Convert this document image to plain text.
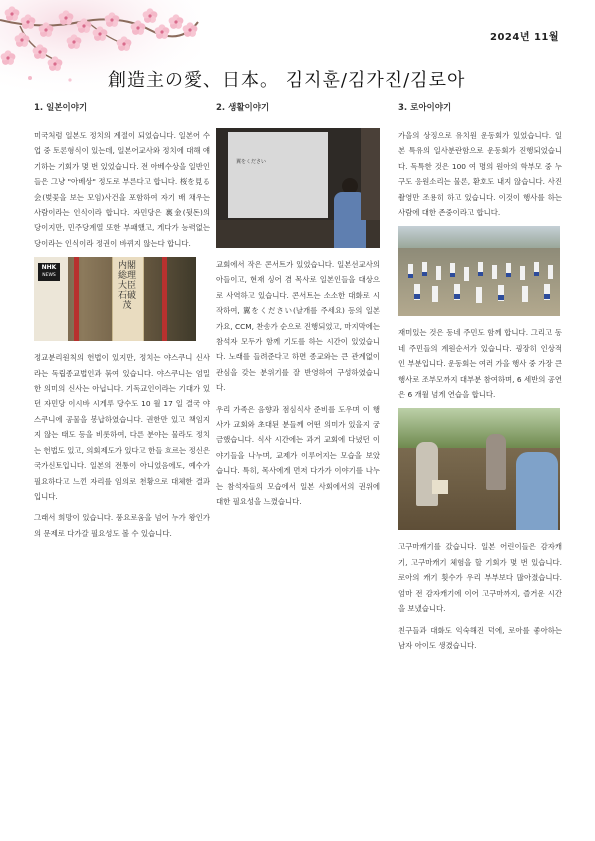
2024년 11월
創造主の愛、日本。 김지훈/김가진/김로아
1. 일본이야기

미국처럼 일본도 정치의 계절이 되었습니다. 일본어 수업 중 토론형식이 있는데, 일본어교사와 정치에 대해 얘기하는 기회가 몇 번 있었습니다. 전 아베수상을 일반인들은 그냥 "아베상" 정도로 부른다고 합니다. 桜を見る会(벚꽃을 보는 모임)사건을 포함하여 자기 배 채우는 사람이라는 인식이라 합니다. 자민당은 裏金(뒷돈)의 당이지만, 민주당계열 또한 부패했고, 게다가 능력없는 당이라는 인식이라 정권이 바뀌지 않는다 합니다.

NHK
NEWS
内閣総理大臣 石破 茂

정교분리원칙의 헌법이 있지만, 정치는 야스쿠니 신사라는 독립종교법인과 묶여 있습니다. 야스쿠니는 엄밀한 의미의 신사는 아닙니다. 기독교인이라는 기대가 있던 자민당 이시바 시게루 당수도 10 월 17 일 결국 야스쿠니에 공물을 봉납하였습니다. 권한만 있고 책임지지 않는 태도 등을 비롯하여, 다른 분야는 물라도 정치는 헌법도 있고, 의회제도가 있다고 한들 흐르는 정신은 국가신토입니다. 일본의 전통이 아니었음에도, 예수가 필요하다고 느낀 자리를 임의로 천황으로 대체한 결과입니다.

그래서 희망이 있습니다. 풍요로움을 넘어 누가 왕인가의 문제로 다가갈 필요성도 볼 수 있습니다.

2. 생활이야기
翼をください

교회에서 작은 콘서트가 있었습니다. 일본선교사의 아들이고, 현재 싱어 겸 목사로 일본인들을 대상으로 사역하고 있습니다. 콘서트는 소소한 대화로 시작하여, 翼をください(날개를 주세요) 등의 일본 가요, CCM, 찬송가 순으로 진행되었고, 마지막에는 참석자 모두가 함께 기도를 하는 시간이 있었습니다. 노래를 들려준다고 하면 종교와는 큰 관계없이 관심을 갖는 분위기를 잘 반영하여 구성하였습니다.

우리 가족은 음향과 점심식사 준비를 도우며 이 행사가 교회와 초대된 분들께 어떤 의미가 있을지 궁금했습니다. 식사 시간에는 과거 교회에 다녔던 이야기들을 나누며, 교제가 이루어지는 모습을 보았습니다. 특히, 목사에게 먼저 다가가 이야기를 나누는 참석자들의 모습에서 일본 사회에서의 권위에 대한 필요성을 느꼈습니다.

3. 로아이야기

가을의 상징으로 유치원 운동회가 있었습니다. 일본 특유의 일사분란함으로 운동회가 진행되었습니다. 독특한 것은 100 여 명의 원아의 학부모 중 누구도 응원소리는 물론, 환호도 내지 않습니다. 사진촬영만 조용히 하고 있습니다. 이것이 행사를 하는 사람에 대한 존중이라고 합니다.

재미있는 것은 동네 주민도 함께 합니다. 그리고 동네 주민들의 계원순서가 있습니다. 굉장히 인상적인 부분입니다. 운동회는 여러 가을 행사 중 가장 큰 행사로 조부모까지 대부분 참여하며, 6 세반의 공연은 6 개월 넘게 연습을 합니다.

고구마캐기를 갔습니다. 일본 어린이들은 감자캐기, 고구마캐기 체험을 할 기회가 몇 번 있습니다. 로아의 캐기 횟수가 우리 부부보다 많아졌습니다. 엄마 전 감자캐기에 이어 고구마까지, 즐거운 시간을 보냈습니다.

친구들과 대화도 익숙해진 덕에, 로아를 좋아하는 남자 아이도 생겼습니다.
